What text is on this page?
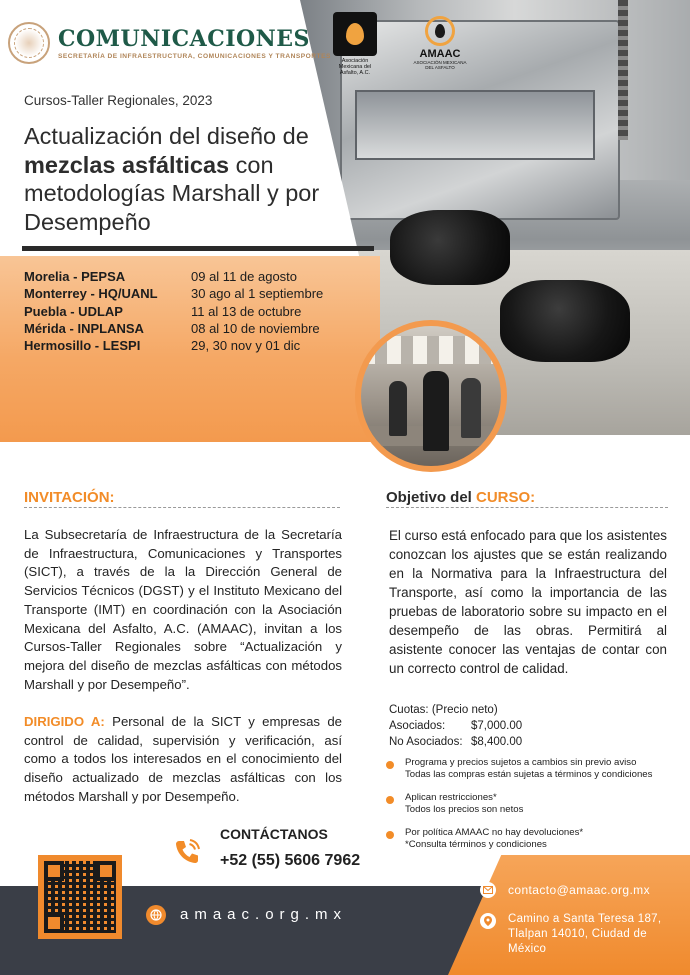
Asociación Mexicana del Asfalto, A.C.
AMAAC
ASOCIACIÓN MEXICANA DEL ASFALTO
COMUNICACIONES
SECRETARÍA DE INFRAESTRUCTURA, COMUNICACIONES Y TRANSPORTES
Cursos-Taller Regionales, 2023
Actualización del diseño de mezclas asfálticas con metodologías Marshall y por Desempeño
Morelia - PEPSA	09 al 11 de agosto
Monterrey - HQ/UANL	30 ago al 1 septiembre
Puebla - UDLAP	11 al 13 de octubre
Mérida - INPLANSA	08 al 10 de noviembre
Hermosillo - LESPI	29, 30 nov y 01 dic
INVITACIÓN:
La Subsecretaría de Infraestructura de la Secretaría de Infraestructura, Comunicaciones y Transportes (SICT), a través de la la Dirección General de Servicios Técnicos (DGST) y el Instituto Mexicano del Transporte (IMT) en coordinación con la Asociación Mexicana del Asfalto, A.C. (AMAAC), invitan a los Cursos-Taller Regionales sobre “Actualización y mejora del diseño de mezclas asfálticas con métodos Marshall y por Desempeño”.
DIRIGIDO A: Personal de la SICT y empresas de control de calidad, supervisión y verificación, así como a todos los interesados en el conocimiento del diseño actualizado de mezclas asfálticas con los métodos Marshall y por Desempeño.
Objetivo del CURSO:
El curso está enfocado para que los asistentes conozcan los ajustes que se están realizando en la Normativa para la Infraestructura del Transporte, así como la importancia de las pruebas de laboratorio sobre su impacto en el desempeño de las obras. Permitirá al asistente conocer las ventajas de contar con un correcto control de calidad.
Cuotas: (Precio neto)
Asociados:	$7,000.00
No Asociados: $8,400.00
Programa y precios sujetos a cambios sin previo aviso
Todas las compras están sujetas a términos y condiciones
Aplican restricciones*
Todos los precios son netos
Por política AMAAC no hay devoluciones*
*Consulta términos y condiciones
CONTÁCTANOS
+52 (55) 5606 7962
amaac.org.mx
contacto@amaac.org.mx
Camino a Santa Teresa 187, Tlalpan 14010, Ciudad de México
